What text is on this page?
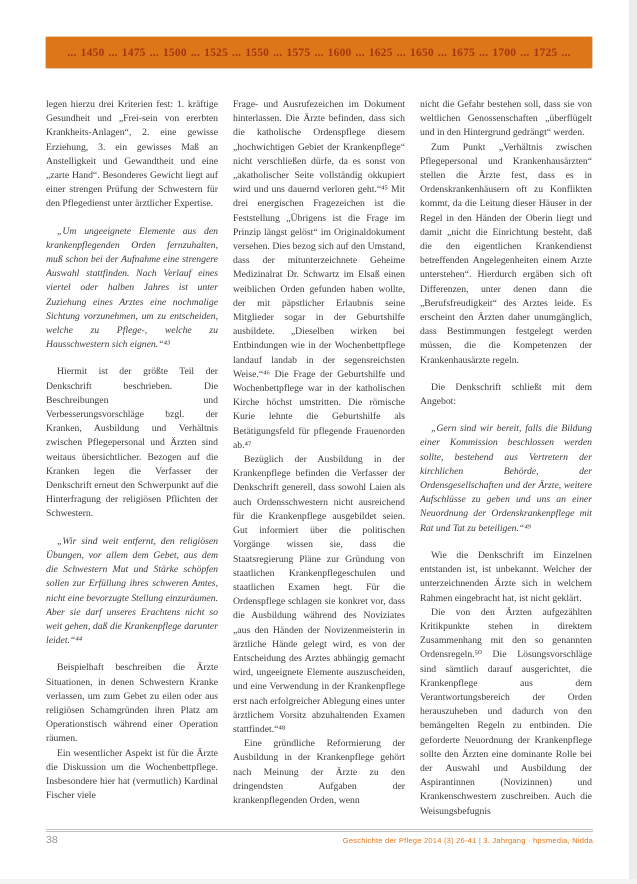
... 1450 ... 1475 ... 1500 ... 1525 ... 1550 ... 1575 ... 1600 ... 1625 ... 1650 ... 1675 ... 1700 ... 1725 ...

legen hierzu drei Kriterien fest: 1. kräftige Gesundheit und „Frei-sein von ererbten Krankheits-Anlagen“, 2. eine gewisse Erziehung, 3. ein gewisses Maß an Anstelligkeit und Gewandtheit und eine „zarte Hand“. Besonderes Gewicht liegt auf einer strengen Prüfung der Schwestern für den Pflegedienst unter ärztlicher Expertise.

„Um ungeeignete Elemente aus den krankenpflegenden Orden fernzuhalten, muß schon bei der Aufnahme eine strengere Auswahl stattfinden. Nach Verlauf eines viertel oder halben Jahres ist unter Zuziehung eines Arztes eine nochmalige Sichtung vorzunehmen, um zu entscheiden, welche zu Pflege-, welche zu Hausschwestern sich eignen.“⁴³

Hiermit ist der größte Teil der Denkschrift beschrieben. Die Beschreibungen und Verbesserungsvorschläge bzgl. der Kranken, Ausbildung und Verhältnis zwischen Pflegepersonal und Ärzten sind weitaus übersichtlicher. Bezogen auf die Kranken legen die Verfasser der Denkschrift erneut den Schwerpunkt auf die Hinterfragung der religiösen Pflichten der Schwestern.

„Wir sind weit entfernt, den religiösen Übungen, vor allem dem Gebet, aus dem die Schwestern Mut und Stärke schöpfen sollen zur Erfüllung ihres schweren Amtes, nicht eine bevorzugte Stellung einzuräumen. Aber sie darf unseres Erachtens nicht so weit gehen, daß die Krankenpflege darunter leidet.“⁴⁴

Beispielhaft beschreiben die Ärzte Situationen, in denen Schwestern Kranke verlassen, um zum Gebet zu eilen oder aus religiösen Schamgründen ihren Platz am Operationstisch während einer Operation räumen.

Ein wesentlicher Aspekt ist für die Ärzte die Diskussion um die Wochenbettpflege. Insbesondere hier hat (vermutlich) Kardinal Fischer viele

Frage- und Ausrufezeichen im Dokument hinterlassen. Die Ärzte befinden, dass sich die katholische Ordenspflege diesem „hochwichtigen Gebiet der Krankenpflege“ nicht verschließen dürfe, da es sonst von „akatholischer Seite vollständig okkupiert wird und uns dauernd verloren geht.“⁴⁵ Mit drei energischen Fragezeichen ist die Feststellung „Übrigens ist die Frage im Prinzip längst gelöst“ im Originaldokument versehen. Dies bezog sich auf den Umstand, dass der mitunterzeichnete Geheime Medizinalrat Dr. Schwartz im Elsaß einen weiblichen Orden gefunden haben wollte, der mit päpstlicher Erlaubnis seine Mitglieder sogar in der Geburtshilfe ausbildete. „Dieselben wirken bei Entbindungen wie in der Wochenbettpflege landauf landab in der segensreichsten Weise.“⁴⁶ Die Frage der Geburtshilfe und Wochenbettpflege war in der katholischen Kirche höchst umstritten. Die römische Kurie lehnte die Geburtshilfe als Betätigungsfeld für pflegende Frauenorden ab.⁴⁷

Bezüglich der Ausbildung in der Krankenpflege befinden die Verfasser der Denkschrift generell, dass sowohl Laien als auch Ordensschwestern nicht ausreichend für die Krankenpflege ausgebildet seien. Gut informiert über die politischen Vorgänge wissen sie, dass die Staatsregierung Pläne zur Gründung von staatlichen Krankenpflegeschulen und staatlichen Examen hegt. Für die Ordenspflege schlagen sie konkret vor, dass die Ausbildung während des Noviziates „aus den Händen der Novizenmeisterin in ärztliche Hände gelegt wird, es von der Entscheidung des Arztes abhängig gemacht wird, ungeeignete Elemente auszuscheiden, und eine Verwendung in der Krankenpflege erst nach erfolgreicher Ablegung eines unter ärztlichem Vorsitz abzuhaltenden Examen stattfindet.“⁴⁸

Eine gründliche Reformierung der Ausbildung in der Krankenpflege gehört nach Meinung der Ärzte zu den dringendsten Aufgaben der krankenpflegenden Orden, wenn

nicht die Gefahr bestehen soll, dass sie von weltlichen Genossenschaften „überflügelt und in den Hintergrund gedrängt“ werden.

Zum Punkt „Verhältnis zwischen Pflegepersonal und Krankenhausärzten“ stellen die Ärzte fest, dass es in Ordenskrankenhäusern oft zu Konflikten kommt, da die Leitung dieser Häuser in der Regel in den Händen der Oberin liegt und damit „nicht die Einrichtung besteht, daß die den eigentlichen Krankendienst betreffenden Angelegenheiten einem Arzte unterstehen“. Hierdurch ergäben sich oft Differenzen, unter denen dann die „Berufsfreudigkeit“ des Arztes leide. Es erscheint den Ärzten daher unumgänglich, dass Bestimmungen festgelegt werden müssen, die die Kompetenzen der Krankenhausärzte regeln.

Die Denkschrift schließt mit dem Angebot:

„Gern sind wir bereit, falls die Bildung einer Kommission beschlossen werden sollte, bestehend aus Vertretern der kirchlichen Behörde, der Ordensgesellschaften und der Ärzte, weitere Aufschlüsse zu geben und uns an einer Neuordnung der Ordenskrankenpflege mit Rat und Tat zu beteiligen.“⁴⁹

Wie die Denkschrift im Einzelnen entstanden ist, ist unbekannt. Welcher der unterzeichnenden Ärzte sich in welchem Rahmen eingebracht hat, ist nicht geklärt.

Die von den Ärzten aufgezählten Kritikpunkte stehen in direktem Zusammenhang mit den so genannten Ordensregeln.⁵⁰ Die Lösungsvorschläge sind sämtlich darauf ausgerichtet, die Krankenpflege aus dem Verantwortungsbereich der Orden herauszuheben und dadurch von den bemängelten Regeln zu entbinden. Die geforderte Neuordnung der Krankenpflege sollte den Ärzten eine dominante Rolle bei der Auswahl und Ausbildung der Aspirantinnen (Novizinnen) und Krankenschwestern zuschreiben. Auch die Weisungsbefugnis

38	Geschichte der Pflege 2014 (3) 26-41 | 3. Jahrgang · hpsmedia, Nidda
